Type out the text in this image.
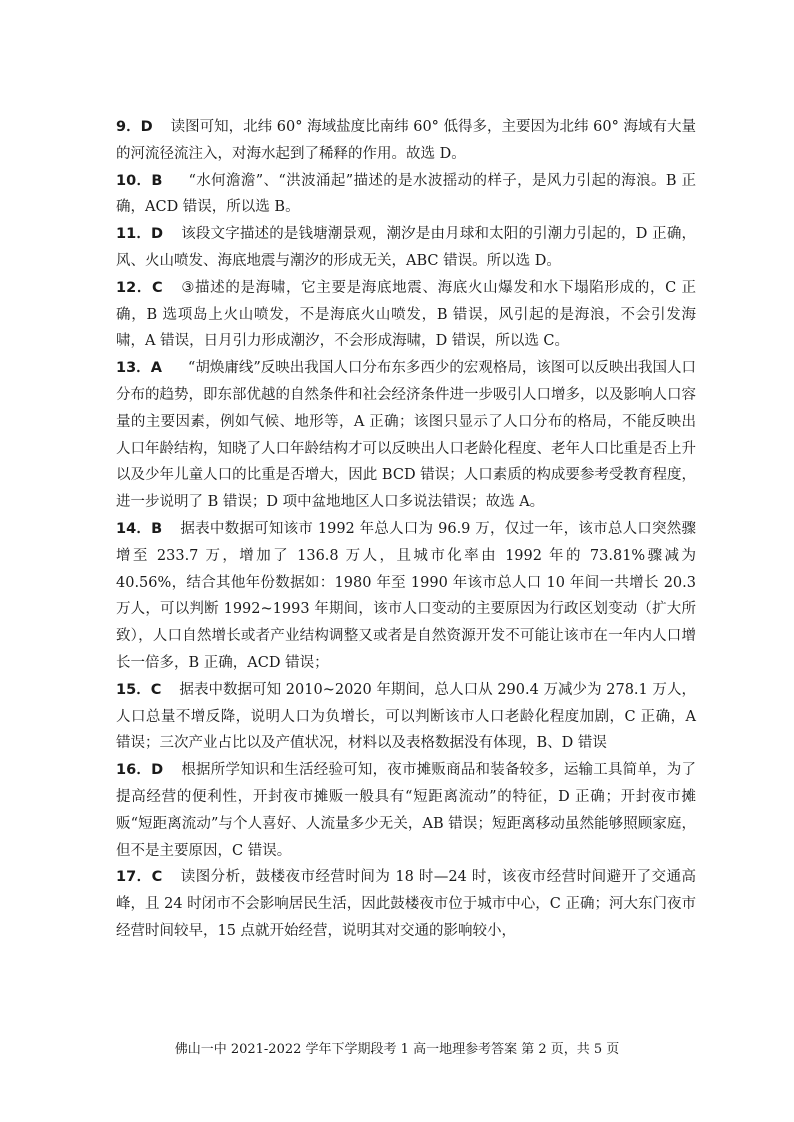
9．D 读图可知，北纬 60° 海域盐度比南纬 60° 低得多，主要因为北纬 60° 海域有大量的河流径流注入，对海水起到了稀释的作用。故选 D。

10．B “水何澹澹”、“洪波涌起”描述的是水波摇动的样子，是风力引起的海浪。B 正确，ACD 错误，所以选 B。

11．D 该段文字描述的是钱塘潮景观，潮汐是由月球和太阳的引潮力引起的，D 正确，风、火山喷发、海底地震与潮汐的形成无关，ABC 错误。所以选 D。

12．C ③描述的是海啸，它主要是海底地震、海底火山爆发和水下塌陷形成的，C 正确，B 选项岛上火山喷发，不是海底火山喷发，B 错误，风引起的是海浪，不会引发海啸，A 错误，日月引力形成潮汐，不会形成海啸，D 错误，所以选 C。

13．A “胡焕庸线”反映出我国人口分布东多西少的宏观格局，该图可以反映出我国人口分布的趋势，即东部优越的自然条件和社会经济条件进一步吸引人口增多，以及影响人口容量的主要因素，例如气候、地形等，A 正确；该图只显示了人口分布的格局，不能反映出人口年龄结构，知晓了人口年龄结构才可以反映出人口老龄化程度、老年人口比重是否上升以及少年儿童人口的比重是否增大，因此 BCD 错误；人口素质的构成要参考受教育程度，进一步说明了 B 错误；D 项中盆地地区人口多说法错误；故选 A。

14．B 据表中数据可知该市 1992 年总人口为 96.9 万，仅过一年，该市总人口突然骤增至 233.7 万，增加了 136.8 万人，且城市化率由 1992 年的 73.81%骤减为 40.56%，结合其他年份数据如：1980 年至 1990 年该市总人口 10 年间一共增长 20.3 万人，可以判断 1992~1993 年期间，该市人口变动的主要原因为行政区划变动（扩大所致），人口自然增长或者产业结构调整又或者是自然资源开发不可能让该市在一年内人口增长一倍多，B 正确，ACD 错误；

15．C 据表中数据可知 2010~2020 年期间，总人口从 290.4 万减少为 278.1 万人，人口总量不增反降，说明人口为负增长，可以判断该市人口老龄化程度加剧，C 正确，A 错误；三次产业占比以及产值状况，材料以及表格数据没有体现，B、D 错误

16．D 根据所学知识和生活经验可知，夜市摊贩商品和装备较多，运输工具简单，为了提高经营的便利性，开封夜市摊贩一般具有“短距离流动”的特征，D 正确；开封夜市摊贩“短距离流动”与个人喜好、人流量多少无关，AB 错误；短距离移动虽然能够照顾家庭，但不是主要原因，C 错误。

17．C 读图分析，鼓楼夜市经营时间为 18 时—24 时，该夜市经营时间避开了交通高峰，且 24 时闭市不会影响居民生活，因此鼓楼夜市位于城市中心，C 正确；河大东门夜市经营时间较早，15 点就开始经营，说明其对交通的影响较小，

佛山一中 2021-2022 学年下学期段考 1 高一地理参考答案 第 2 页，共 5 页
